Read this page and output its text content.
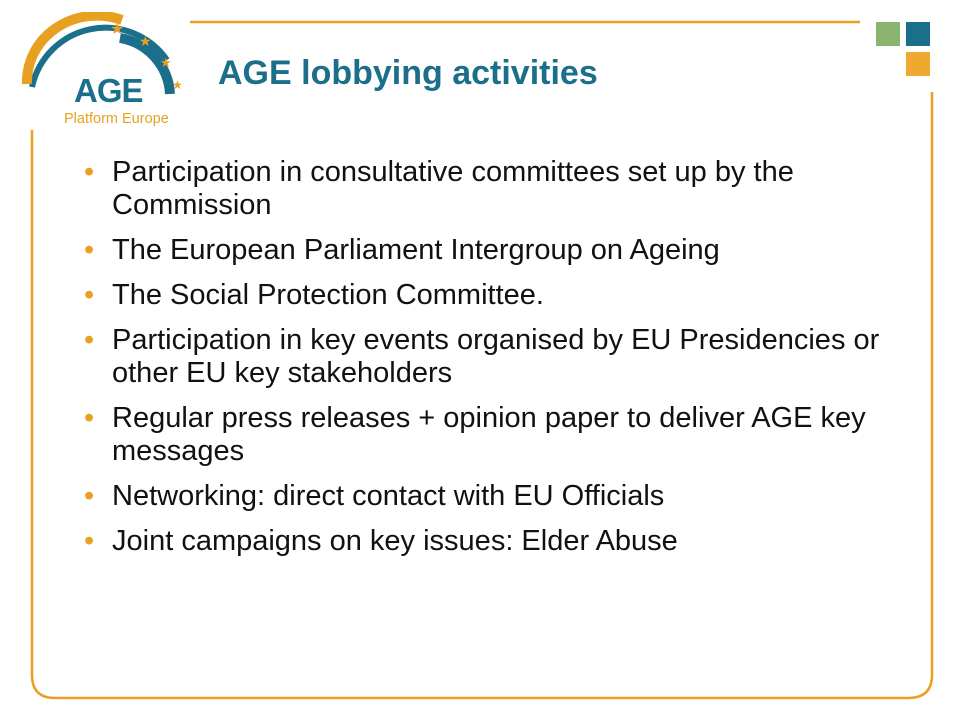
★
★
★
★
AGE
Platform Europe
AGE lobbying activities
• Participation in consultative committees set up by the Commission
• The European Parliament Intergroup on Ageing
• The Social Protection Committee.
• Participation in key events organised by EU Presidencies or other EU key stakeholders
• Regular press releases + opinion paper to deliver AGE key messages
• Networking: direct contact with EU Officials
• Joint campaigns on key issues: Elder Abuse
